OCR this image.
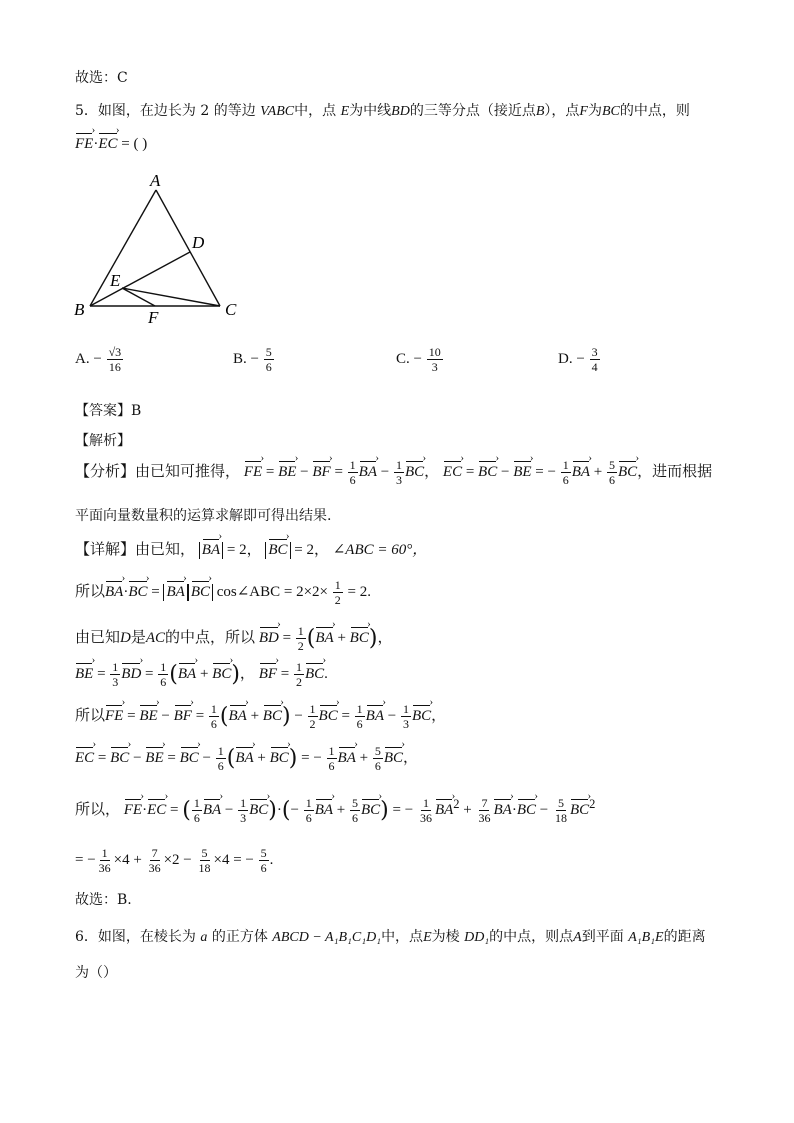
故选：C
5．如图，在边长为 2 的等边 VABC中，点 E为中线BD的三等分点（接近点B），点F为BC的中点，则
FE ›·EC › = ( )
A
D
E
B	C
F
A. − $\frac{√3}{16}$	B. − $\frac{5}{6}$	C. − $\frac{10}{3}$	D. − $\frac{3}{4}$
【答案】B
【解析】
【分析】由已知可推得， FE › = BE › − BF › = $\frac{1}{6}$ BA › − $\frac{1}{3}$ BC ›， EC › = BC › − BE › = − $\frac{1}{6}$ BA › + $\frac{5}{6}$ BC ›，进而根据
平面向量数量积的运算求解即可得出结果.
【详解】由已知， BA › = 2， BC › = 2， ∠ABC = 60°，
所以BA ›·BC › = BA › BC › cos∠ABC = $2\times 2\times \frac{1}{2} = 2$.
由已知D是AC的中点，所以 BD › = $\frac{1}{2} (BA$ › + BC ›)，
BE › = $\frac{1}{3}$ BD › = $\frac{1}{6} (BA$ › + BC ›)， BF › = $\frac{1}{2}$ BC ›.
所以FE › = BE › − BF › = $\frac{1}{6} (BA$ › + BC ›) − $\frac{1}{2}$ BC › = $\frac{1}{6}$ BA › − $\frac{1}{3}$ BC ›，
EC › = BC › − BE › = BC › − $\frac{1}{6} (BA$ › + BC ›) = − $\frac{1}{6}$ BA › + $\frac{5}{6}$ BC ›，
所以， FE ›·EC › = ( $\frac{1}{6}$ BA › − $\frac{1}{3}$ BC ›)·(− $\frac{1}{6}$ BA › + $\frac{5}{6}$ BC ›) = − $\frac{1}{36}$ BA ›$^2$ + $\frac{7}{36}$ BA ›·BC › − $\frac{5}{18}$ BC ›$^2$
= − $\frac{1}{36} \times 4 + \frac{7}{36} \times 2 - \frac{5}{18} \times 4$ = − $\frac{5}{6}$ .
故选：B.
6．如图，在棱长为 a 的正方体 ABCD − A₁B₁C₁D₁中，点E为棱 DD₁的中点，则点A到平面 A₁B₁E的距离
为（）
